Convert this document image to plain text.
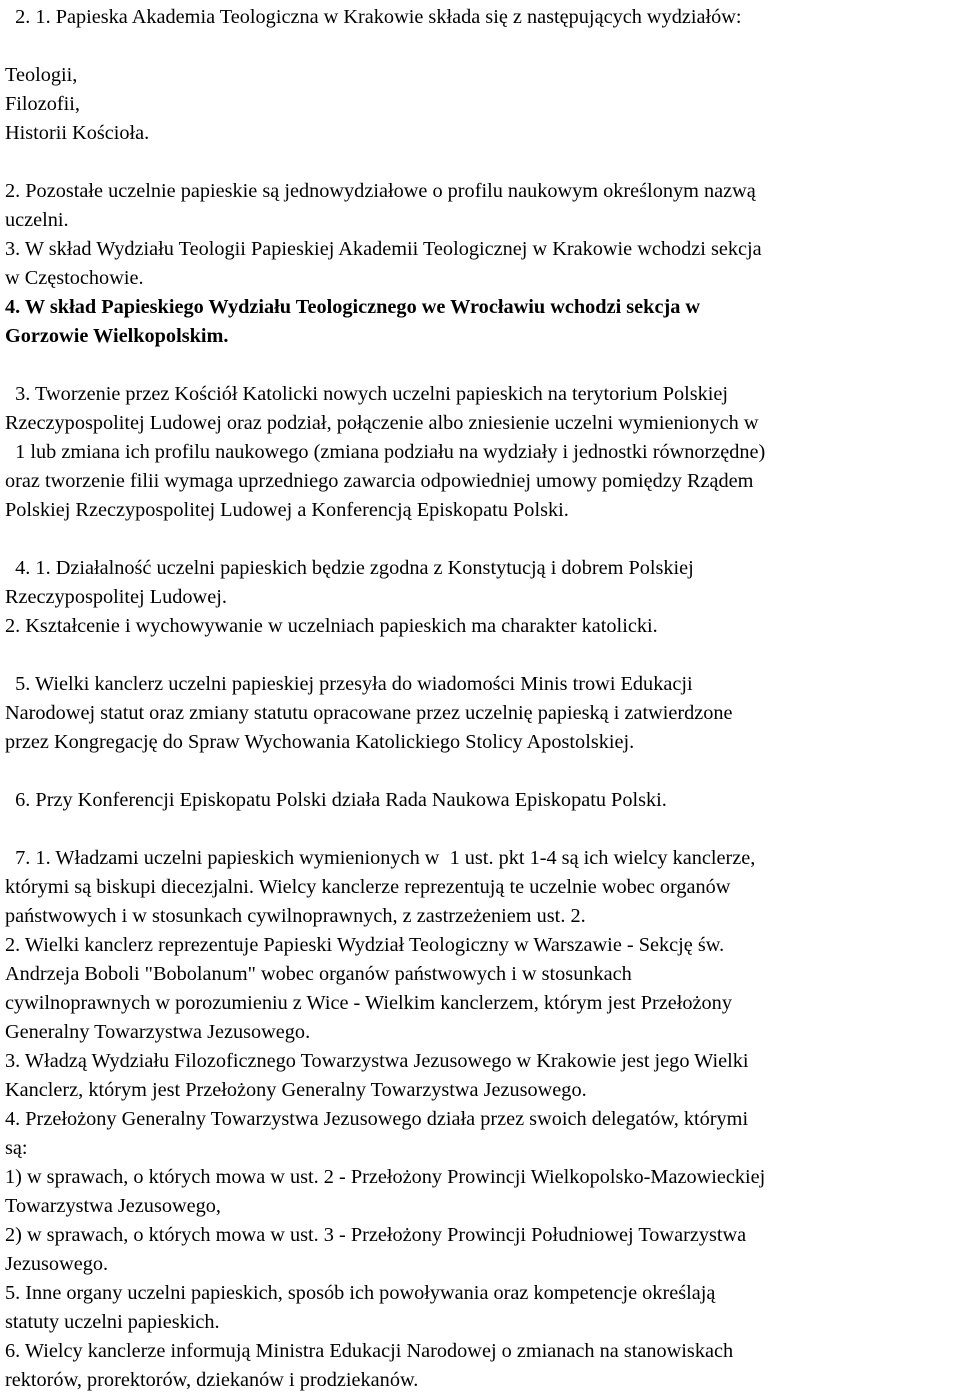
2. 1. Papieska Akademia Teologiczna w Krakowie składa się z następujących wydziałów:
Teologii,
Filozofii,
Historii Kościoła.
2. Pozostałe uczelnie papieskie są jednowydziałowe o profilu naukowym określonym nazwą
uczelni.
3. W skład Wydziału Teologii Papieskiej Akademii Teologicznej w Krakowie wchodzi sekcja
w Częstochowie.
4. W skład Papieskiego Wydziału Teologicznego we Wrocławiu wchodzi sekcja w
Gorzowie Wielkopolskim.
3. Tworzenie przez Kościół Katolicki nowych uczelni papieskich na terytorium Polskiej
Rzeczypospolitej Ludowej oraz podział, połączenie albo zniesienie uczelni wymienionych w
1 lub zmiana ich profilu naukowego (zmiana podziału na wydziały i jednostki równorzędne)
oraz tworzenie filii wymaga uprzedniego zawarcia odpowiedniej umowy pomiędzy Rządem
Polskiej Rzeczypospolitej Ludowej a Konferencją Episkopatu Polski.
4. 1. Działalność uczelni papieskich będzie zgodna z Konstytucją i dobrem Polskiej
Rzeczypospolitej Ludowej.
2. Kształcenie i wychowywanie w uczelniach papieskich ma charakter katolicki.
5. Wielki kanclerz uczelni papieskiej przesyła do wiadomości Minis trowi Edukacji
Narodowej statut oraz zmiany statutu opracowane przez uczelnię papieską i zatwierdzone
przez Kongregację do Spraw Wychowania Katolickiego Stolicy Apostolskiej.
6. Przy Konferencji Episkopatu Polski działa Rada Naukowa Episkopatu Polski.
7. 1. Władzami uczelni papieskich wymienionych w  1 ust. pkt 1-4 są ich wielcy kanclerze,
którymi są biskupi diecezjalni. Wielcy kanclerze reprezentują te uczelnie wobec organów
państwowych i w stosunkach cywilnoprawnych, z zastrzeżeniem ust. 2.
2. Wielki kanclerz reprezentuje Papieski Wydział Teologiczny w Warszawie - Sekcję św.
Andrzeja Boboli "Bobolanum" wobec organów państwowych i w stosunkach
cywilnoprawnych w porozumieniu z Wice - Wielkim kanclerzem, którym jest Przełożony
Generalny Towarzystwa Jezusowego.
3. Władzą Wydziału Filozoficznego Towarzystwa Jezusowego w Krakowie jest jego Wielki
Kanclerz, którym jest Przełożony Generalny Towarzystwa Jezusowego.
4. Przełożony Generalny Towarzystwa Jezusowego działa przez swoich delegatów, którymi
są:
1) w sprawach, o których mowa w ust. 2 - Przełożony Prowincji Wielkopolsko-Mazowieckiej
Towarzystwa Jezusowego,
2) w sprawach, o których mowa w ust. 3 - Przełożony Prowincji Południowej Towarzystwa
Jezusowego.
5. Inne organy uczelni papieskich, sposób ich powoływania oraz kompetencje określają
statuty uczelni papieskich.
6. Wielcy kanclerze informują Ministra Edukacji Narodowej o zmianach na stanowiskach
rektorów, prorektorów, dziekanów i prodziekanów.
